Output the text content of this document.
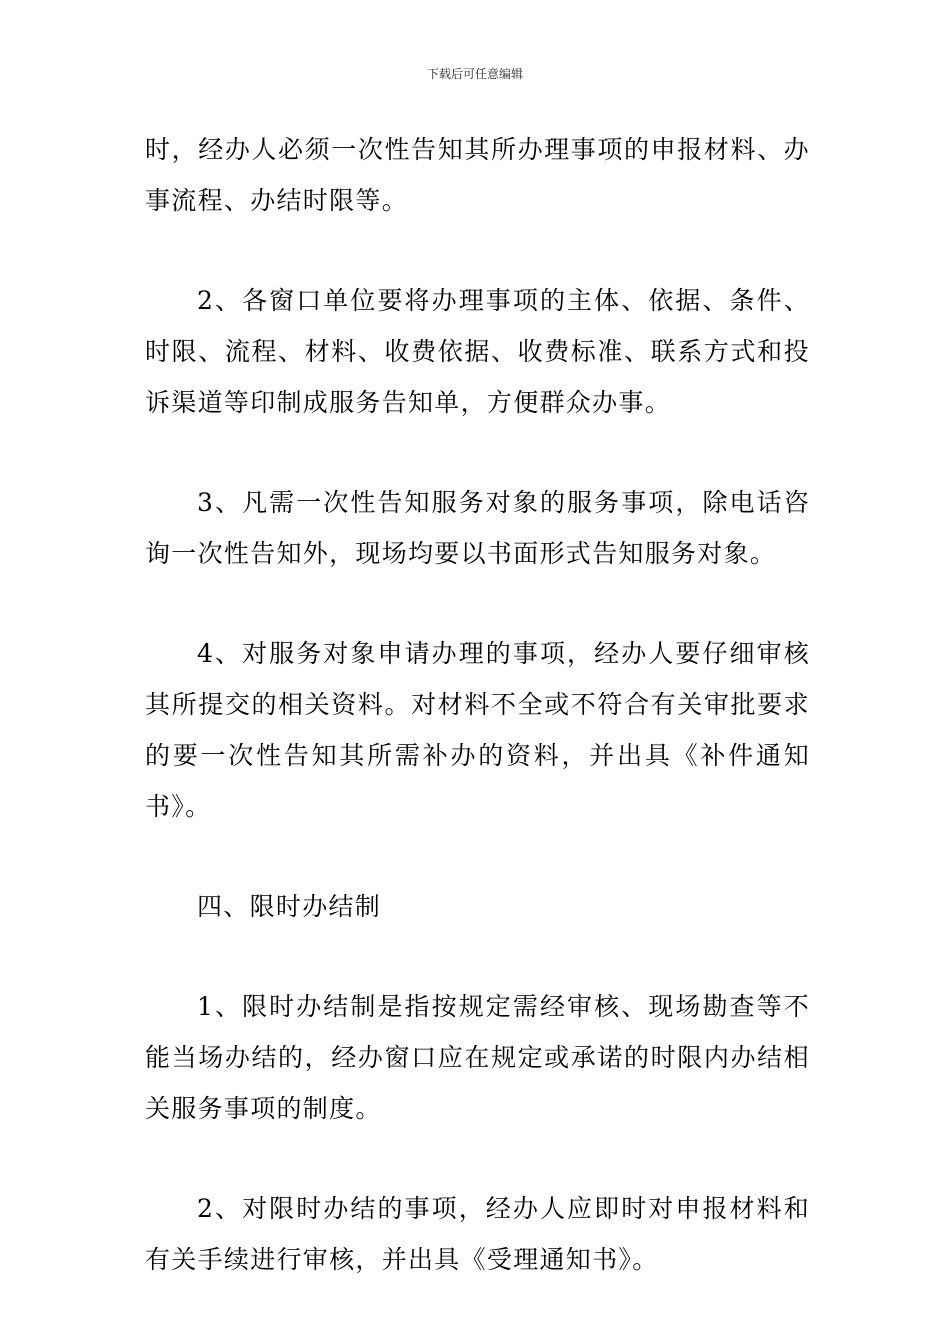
下载后可任意编辑

时，经办人必须一次性告知其所办理事项的申报材料、办事流程、办结时限等。

2、各窗口单位要将办理事项的主体、依据、条件、时限、流程、材料、收费依据、收费标准、联系方式和投诉渠道等印制成服务告知单，方便群众办事。

3、凡需一次性告知服务对象的服务事项，除电话咨询一次性告知外，现场均要以书面形式告知服务对象。

4、对服务对象申请办理的事项，经办人要仔细审核其所提交的相关资料。对材料不全或不符合有关审批要求的要一次性告知其所需补办的资料，并出具《补件通知书》。

四、限时办结制

1、限时办结制是指按规定需经审核、现场勘查等不能当场办结的，经办窗口应在规定或承诺的时限内办结相关服务事项的制度。

2、对限时办结的事项，经办人应即时对申报材料和有关手续进行审核，并出具《受理通知书》。
